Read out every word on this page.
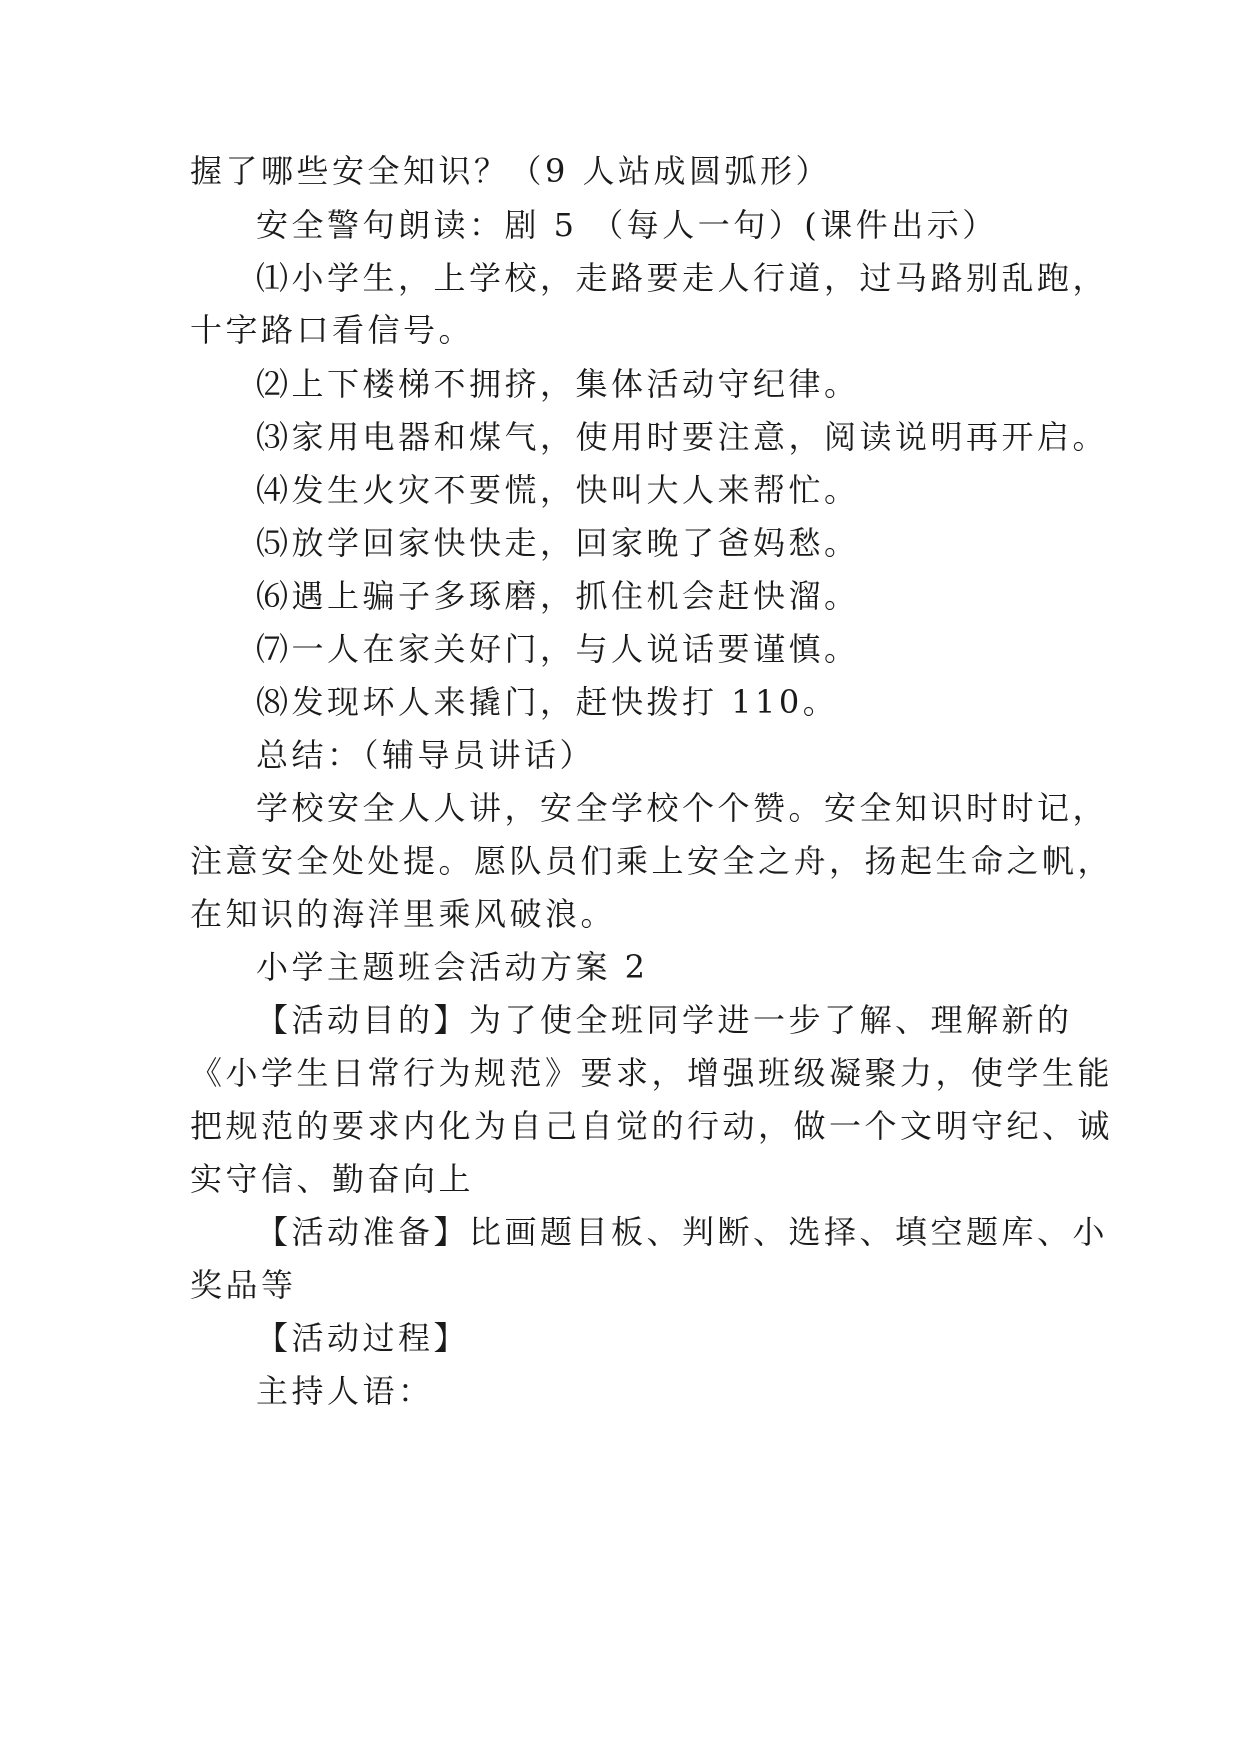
握了哪些安全知识？（9 人站成圆弧形）
安全警句朗读：剧 5 （每人一句）(课件出示）
⑴小学生，上学校，走路要走人行道，过马路别乱跑，
十字路口看信号。
⑵上下楼梯不拥挤，集体活动守纪律。
⑶家用电器和煤气，使用时要注意，阅读说明再开启。
⑷发生火灾不要慌，快叫大人来帮忙。
⑸放学回家快快走，回家晚了爸妈愁。
⑹遇上骗子多琢磨，抓住机会赶快溜。
⑺一人在家关好门，与人说话要谨慎。
⑻发现坏人来撬门，赶快拨打 110。
总结：（辅导员讲话）
学校安全人人讲，安全学校个个赞。安全知识时时记，
注意安全处处提。愿队员们乘上安全之舟，扬起生命之帆，
在知识的海洋里乘风破浪。
小学主题班会活动方案 2
【活动目的】为了使全班同学进一步了解、理解新的
《小学生日常行为规范》要求，增强班级凝聚力，使学生能
把规范的要求内化为自己自觉的行动，做一个文明守纪、诚
实守信、勤奋向上
【活动准备】比画题目板、判断、选择、填空题库、小
奖品等
【活动过程】
主持人语：
